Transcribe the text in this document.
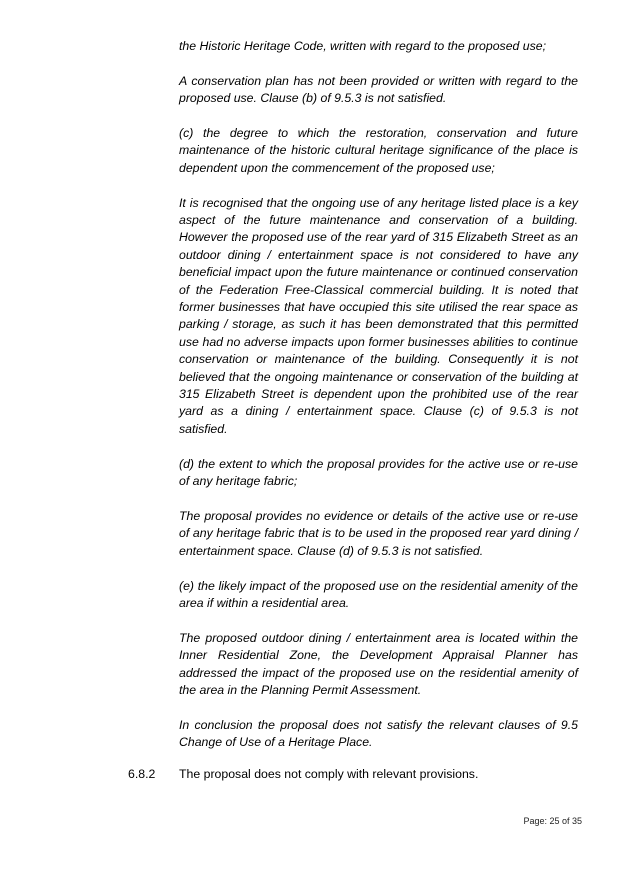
the Historic Heritage Code, written with regard to the proposed use;

A conservation plan has not been provided or written with regard to the proposed use. Clause (b) of 9.5.3 is not satisfied.

(c) the degree to which the restoration, conservation and future maintenance of the historic cultural heritage significance of the place is dependent upon the commencement of the proposed use;

It is recognised that the ongoing use of any heritage listed place is a key aspect of the future maintenance and conservation of a building. However the proposed use of the rear yard of 315 Elizabeth Street as an outdoor dining / entertainment space is not considered to have any beneficial impact upon the future maintenance or continued conservation of the Federation Free-Classical commercial building. It is noted that former businesses that have occupied this site utilised the rear space as parking / storage, as such it has been demonstrated that this permitted use had no adverse impacts upon former businesses abilities to continue conservation or maintenance of the building. Consequently it is not believed that the ongoing maintenance or conservation of the building at 315 Elizabeth Street is dependent upon the prohibited use of the rear yard as a dining / entertainment space. Clause (c) of 9.5.3 is not satisfied.

(d) the extent to which the proposal provides for the active use or re-use of any heritage fabric;

The proposal provides no evidence or details of the active use or re-use of any heritage fabric that is to be used in the proposed rear yard dining / entertainment space. Clause (d) of 9.5.3 is not satisfied.

(e) the likely impact of the proposed use on the residential amenity of the area if within a residential area.

The proposed outdoor dining / entertainment area is located within the Inner Residential Zone, the Development Appraisal Planner has addressed the impact of the proposed use on the residential amenity of the area in the Planning Permit Assessment.

In conclusion the proposal does not satisfy the relevant clauses of 9.5 Change of Use of a Heritage Place.

6.8.2 The proposal does not comply with relevant provisions.
Page: 25 of 35
